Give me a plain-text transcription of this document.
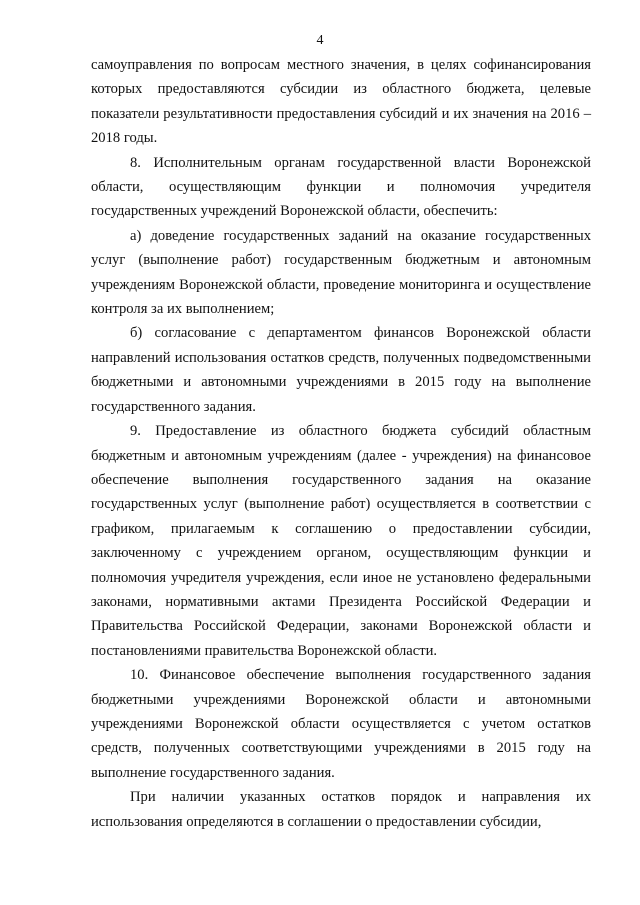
4

самоуправления по вопросам местного значения, в целях софинансирования которых предоставляются субсидии из областного бюджета, целевые показатели результативности предоставления субсидий и их значения на 2016 – 2018 годы.

8. Исполнительным органам государственной власти Воронежской области, осуществляющим функции и полномочия учредителя государственных учреждений Воронежской области, обеспечить:

а) доведение государственных заданий на оказание государственных услуг (выполнение работ) государственным бюджетным и автономным учреждениям Воронежской области, проведение мониторинга и осуществление контроля за их выполнением;

б) согласование с департаментом финансов Воронежской области направлений использования остатков средств, полученных подведомственными бюджетными и автономными учреждениями в 2015 году на выполнение государственного задания.

9. Предоставление из областного бюджета субсидий областным бюджетным и автономным учреждениям (далее - учреждения) на финансовое обеспечение выполнения государственного задания на оказание государственных услуг (выполнение работ) осуществляется в соответствии с графиком, прилагаемым к соглашению о предоставлении субсидии, заключенному с учреждением органом, осуществляющим функции и полномочия учредителя учреждения, если иное не установлено федеральными законами, нормативными актами Президента Российской Федерации и Правительства Российской Федерации, законами Воронежской области и постановлениями правительства Воронежской области.

10. Финансовое обеспечение выполнения государственного задания бюджетными учреждениями Воронежской области и автономными учреждениями Воронежской области осуществляется с учетом остатков средств, полученных соответствующими учреждениями в 2015 году на выполнение государственного задания.

При наличии указанных остатков порядок и направления их использования определяются в соглашении о предоставлении субсидии,
